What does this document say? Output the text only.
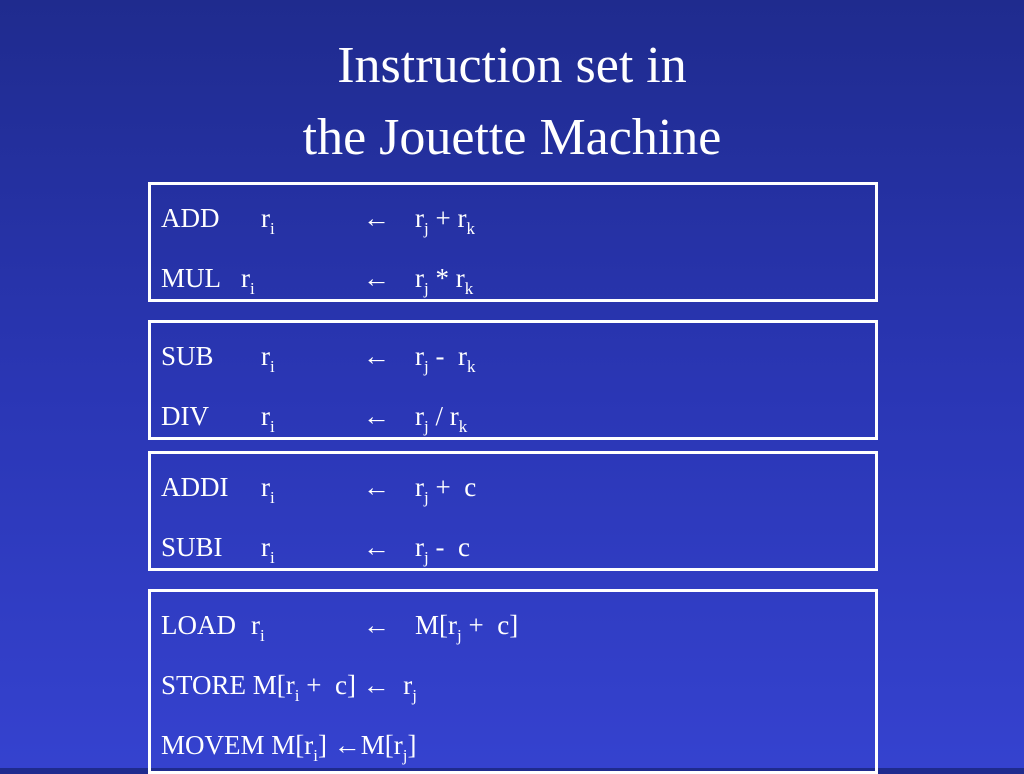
Instruction set in
the Jouette Machine
ADD $r_i$	← $r_j + r_k$
MUL $r_i$	← $r_j * r_k$
SUB $r_i$	← $r_j - r_k$
DIV $r_i$	← $r_j / r_k$
ADDI $r_i$	← $r_j + c$
SUBI $r_i$	← $r_j$ -  c
LOAD $r_i$	← $M[r_j + c]$
STORE $M[r_i + c]$ ←  $r_j$
MOVEM $M[r_i]$ $\leftarrow M[r_j]$
